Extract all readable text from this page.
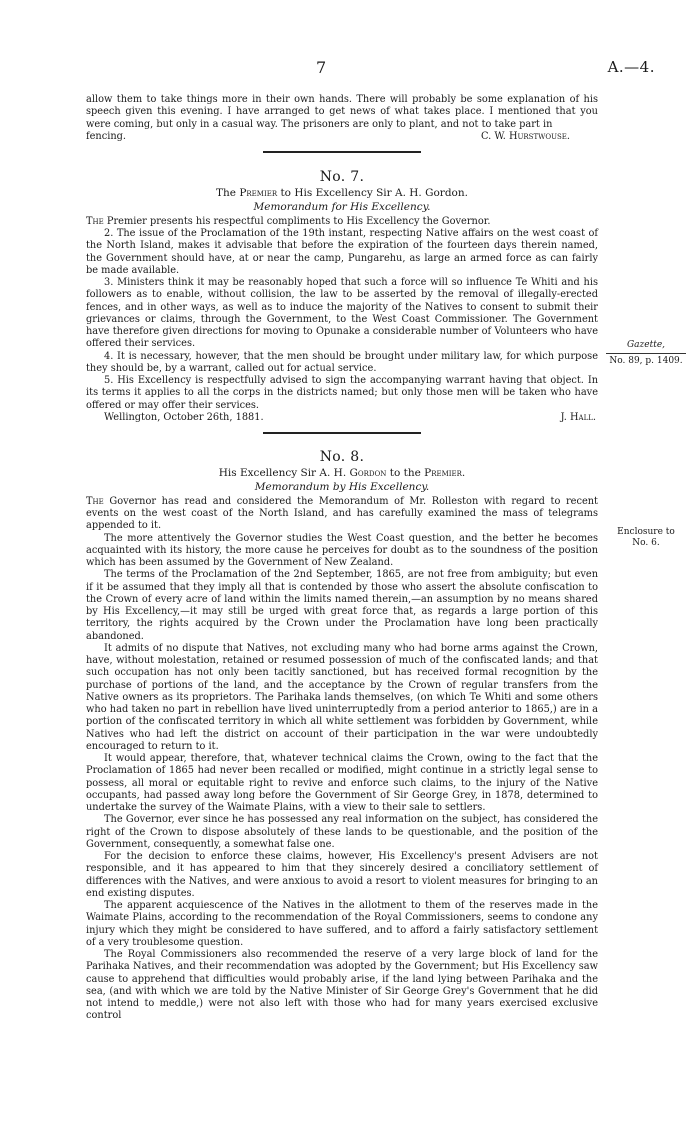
7	A.—4.

allow them to take things more in their own hands. There will probably be some explanation of his speech given this evening. I have arranged to get news of what takes place. I mentioned that you were coming, but only in a casual way. The prisoners are only to plant, and not to take part in

fencing.	C. W. Hurstwouse.
No. 7.
The Premier to His Excellency Sir A. H. Gordon.
Memorandum for His Excellency.

The Premier presents his respectful compliments to His Excellency the Governor.

2. The issue of the Proclamation of the 19th instant, respecting Native affairs on the west coast of the North Island, makes it advisable that before the expiration of the fourteen days therein named, the Government should have, at or near the camp, Pungarehu, as large an armed force as can fairly be made available.

3. Ministers think it may be reasonably hoped that such a force will so influence Te Whiti and his followers as to enable, without collision, the law to be asserted by the removal of illegally-erected fences, and in other ways, as well as to induce the majority of the Natives to consent to submit their grievances or claims, through the Government, to the West Coast Commissioner. The Government have therefore given directions for moving to Opunake a considerable number of Volunteers who have offered their services.

4. It is necessary, however, that the men should be brought under military law, for which purpose they should be, by a warrant, called out for actual service.

5. His Excellency is respectfully advised to sign the accompanying warrant having that object. In its terms it applies to all the corps in the districts named; but only those men will be taken who have offered or may offer their services.

Wellington, October 26th, 1881.	J. Hall.
No. 8.
His Excellency Sir A. H. Gordon to the Premier.
Memorandum by His Excellency.

The Governor has read and considered the Memorandum of Mr. Rolleston with regard to recent events on the west coast of the North Island, and has carefully examined the mass of telegrams appended to it.

The more attentively the Governor studies the West Coast question, and the better he becomes acquainted with its history, the more cause he perceives for doubt as to the soundness of the position which has been assumed by the Government of New Zealand.

The terms of the Proclamation of the 2nd September, 1865, are not free from ambiguity; but even if it be assumed that they imply all that is contended by those who assert the absolute confiscation to the Crown of every acre of land within the limits named therein,—an assumption by no means shared by His Excellency,—it may still be urged with great force that, as regards a large portion of this territory, the rights acquired by the Crown under the Proclamation have long been practically abandoned.

It admits of no dispute that Natives, not excluding many who had borne arms against the Crown, have, without molestation, retained or resumed possession of much of the confiscated lands; and that such occupation has not only been tacitly sanctioned, but has received formal recognition by the purchase of portions of the land, and the acceptance by the Crown of regular transfers from the Native owners as its proprietors. The Parihaka lands themselves, (on which Te Whiti and some others who had taken no part in rebellion have lived uninterruptedly from a period anterior to 1865,) are in a portion of the confiscated territory in which all white settlement was forbidden by Government, while Natives who had left the district on account of their participation in the war were undoubtedly encouraged to return to it.

It would appear, therefore, that, whatever technical claims the Crown, owing to the fact that the Proclamation of 1865 had never been recalled or modified, might continue in a strictly legal sense to possess, all moral or equitable right to revive and enforce such claims, to the injury of the Native occupants, had passed away long before the Government of Sir George Grey, in 1878, determined to undertake the survey of the Waimate Plains, with a view to their sale to settlers.

The Governor, ever since he has possessed any real information on the subject, has considered the right of the Crown to dispose absolutely of these lands to be questionable, and the position of the Government, consequently, a somewhat false one.

For the decision to enforce these claims, however, His Excellency's present Advisers are not responsible, and it has appeared to him that they sincerely desired a conciliatory settlement of differences with the Natives, and were anxious to avoid a resort to violent measures for bringing to an end existing disputes.

The apparent acquiescence of the Natives in the allotment to them of the reserves made in the Waimate Plains, according to the recommendation of the Royal Commissioners, seems to condone any injury which they might be considered to have suffered, and to afford a fairly satisfactory settlement of a very troublesome question.

The Royal Commissioners also recommended the reserve of a very large block of land for the Parihaka Natives, and their recommendation was adopted by the Government; but His Excellency saw cause to apprehend that difficulties would probably arise, if the land lying between Parihaka and the sea, (and with which we are told by the Native Minister of Sir George Grey's Government that he did not intend to meddle,) were not also left with those who had for many years exercised exclusive control

Gazette,
No. 89, p. 1409.
Enclosure to
No. 6.
